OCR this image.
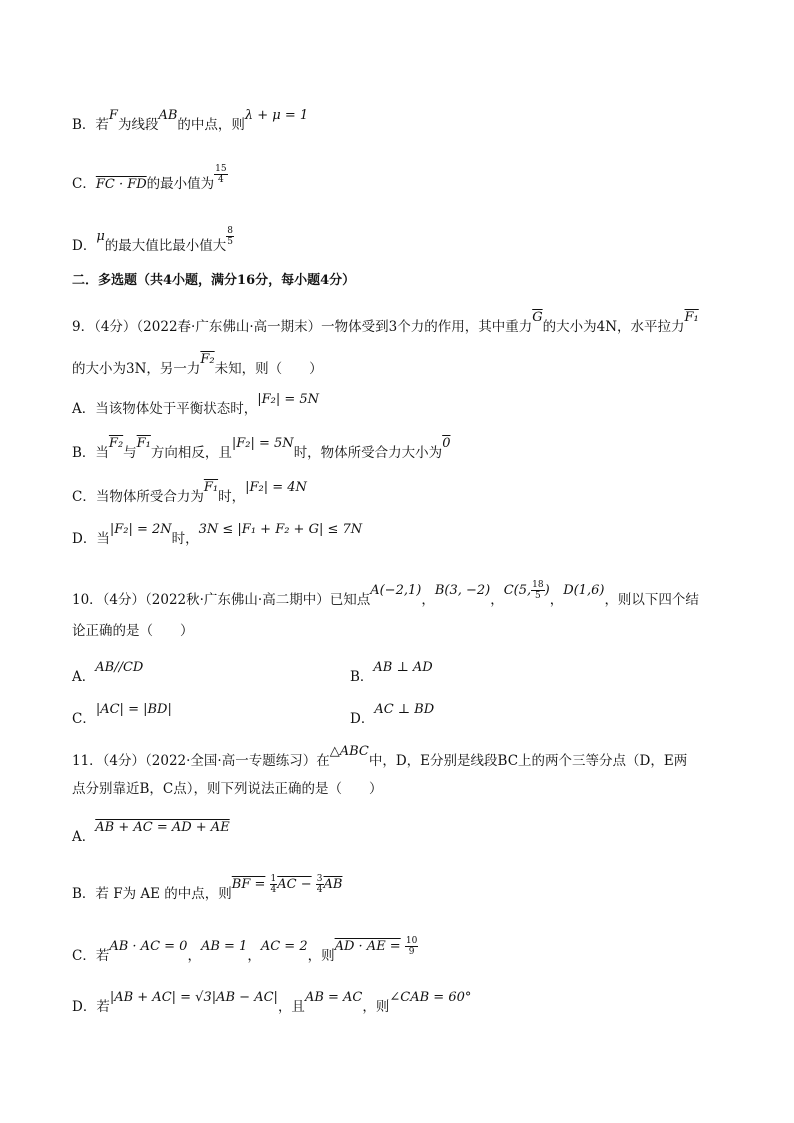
B．若F为线段AB的中点，则λ + μ = 1
C．FC · FD的最小值为 $\frac{15}{4}$
D．μ的最大值比最小值大 $\frac{8}{5}$
二．多选题（共4小题，满分16分，每小题4分）
9．（4分）（2022春·广东佛山·高一期末）一物体受到3个力的作用，其中重力$\overline{G}$的大小为4N，水平拉力F₁
的大小为3N，另一力F₂未知，则（　　）
A．当该物体处于平衡状态时，|F₂| = 5N
B．当F₂与F₁方向相反，且|F₂| = 5N时，物体所受合力大小为0
C．当物体所受合力为F₁时，|F₂| = 4N
D．当|F₂| = 2N时，3N ≤ |F₁ + F₂ + G| ≤ 7N
10．（4分）（2022秋·广东佛山·高二期中）已知点A(−2,1)，B(3, −2)，C(5, $\frac{18}{5}$ )，D(1,6)，则以下四个结
论正确的是（　　）
A．AB//CD
B．AB ⊥ AD
C．|AC| = |BD|
D．AC ⊥ BD
11．（4分）（2022·全国·高一专题练习）在△ABC中，D，E分别是线段BC上的两个三等分点（D，E两
点分别靠近B，C点），则下列说法正确的是（　　）
A．AB + AC = AD + AE
B．若 F为 AE 的中点，则BF = $\frac{1}{4}$ AC − $\frac{3}{4} \overline{AB}$
C．若AB · AC = 0，AB = 1，AC = 2，则AD · AE = $\frac{10}{9}$
D．若|AB + AC| = √3|AB − AC|，且AB = AC，则∠CAB = 60°
